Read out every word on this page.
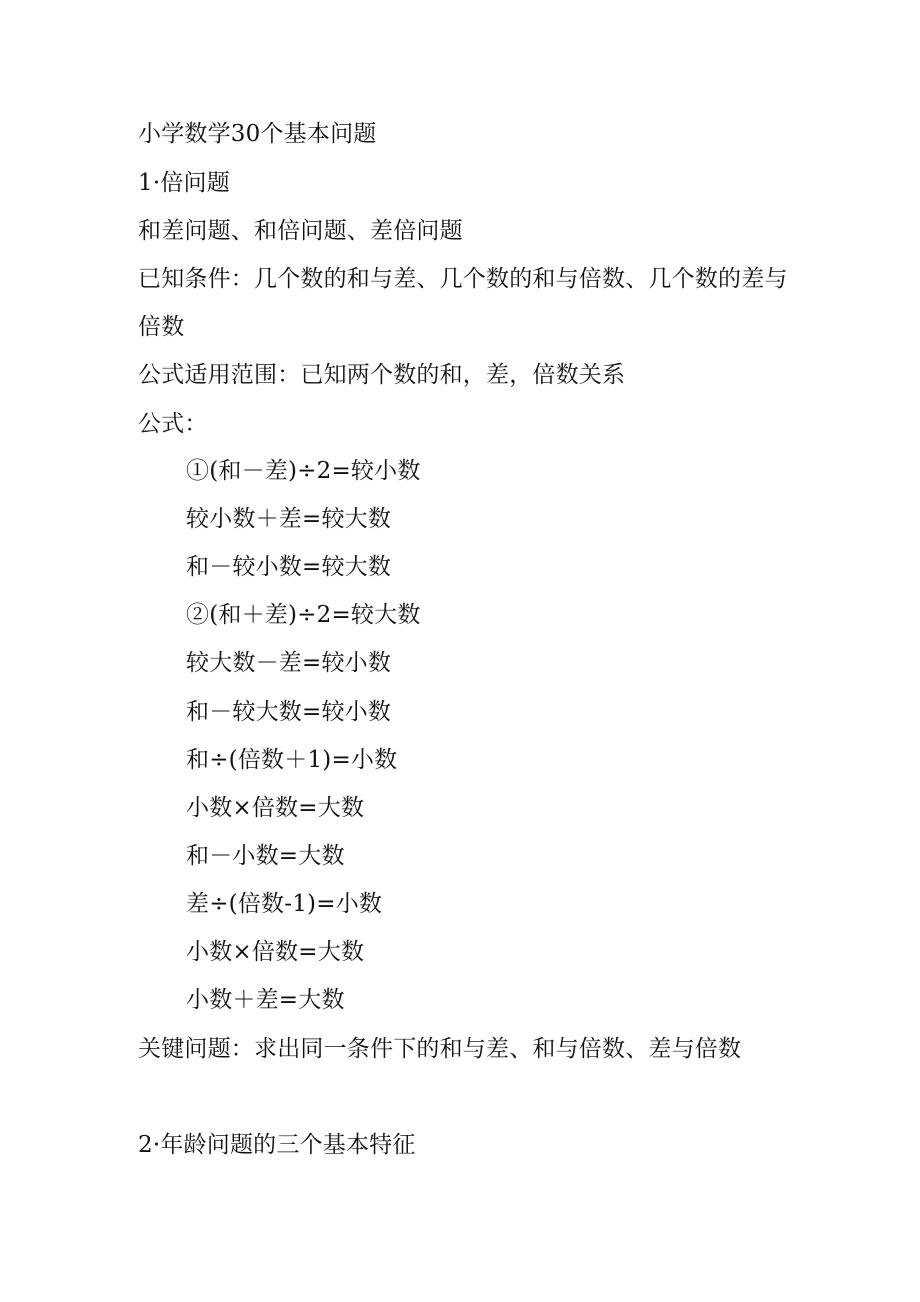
小学数学30个基本问题
1·倍问题
和差问题、和倍问题、差倍问题
已知条件：几个数的和与差、几个数的和与倍数、几个数的差与
倍数
公式适用范围：已知两个数的和，差，倍数关系
公式：
①(和－差)÷2=较小数
较小数＋差=较大数
和－较小数=较大数
②(和＋差)÷2=较大数
较大数－差=较小数
和－较大数=较小数
和÷(倍数＋1)=小数
小数×倍数=大数
和－小数=大数
差÷(倍数-1)=小数
小数×倍数=大数
小数＋差=大数
关键问题：求出同一条件下的和与差、和与倍数、差与倍数
2·年龄问题的三个基本特征
